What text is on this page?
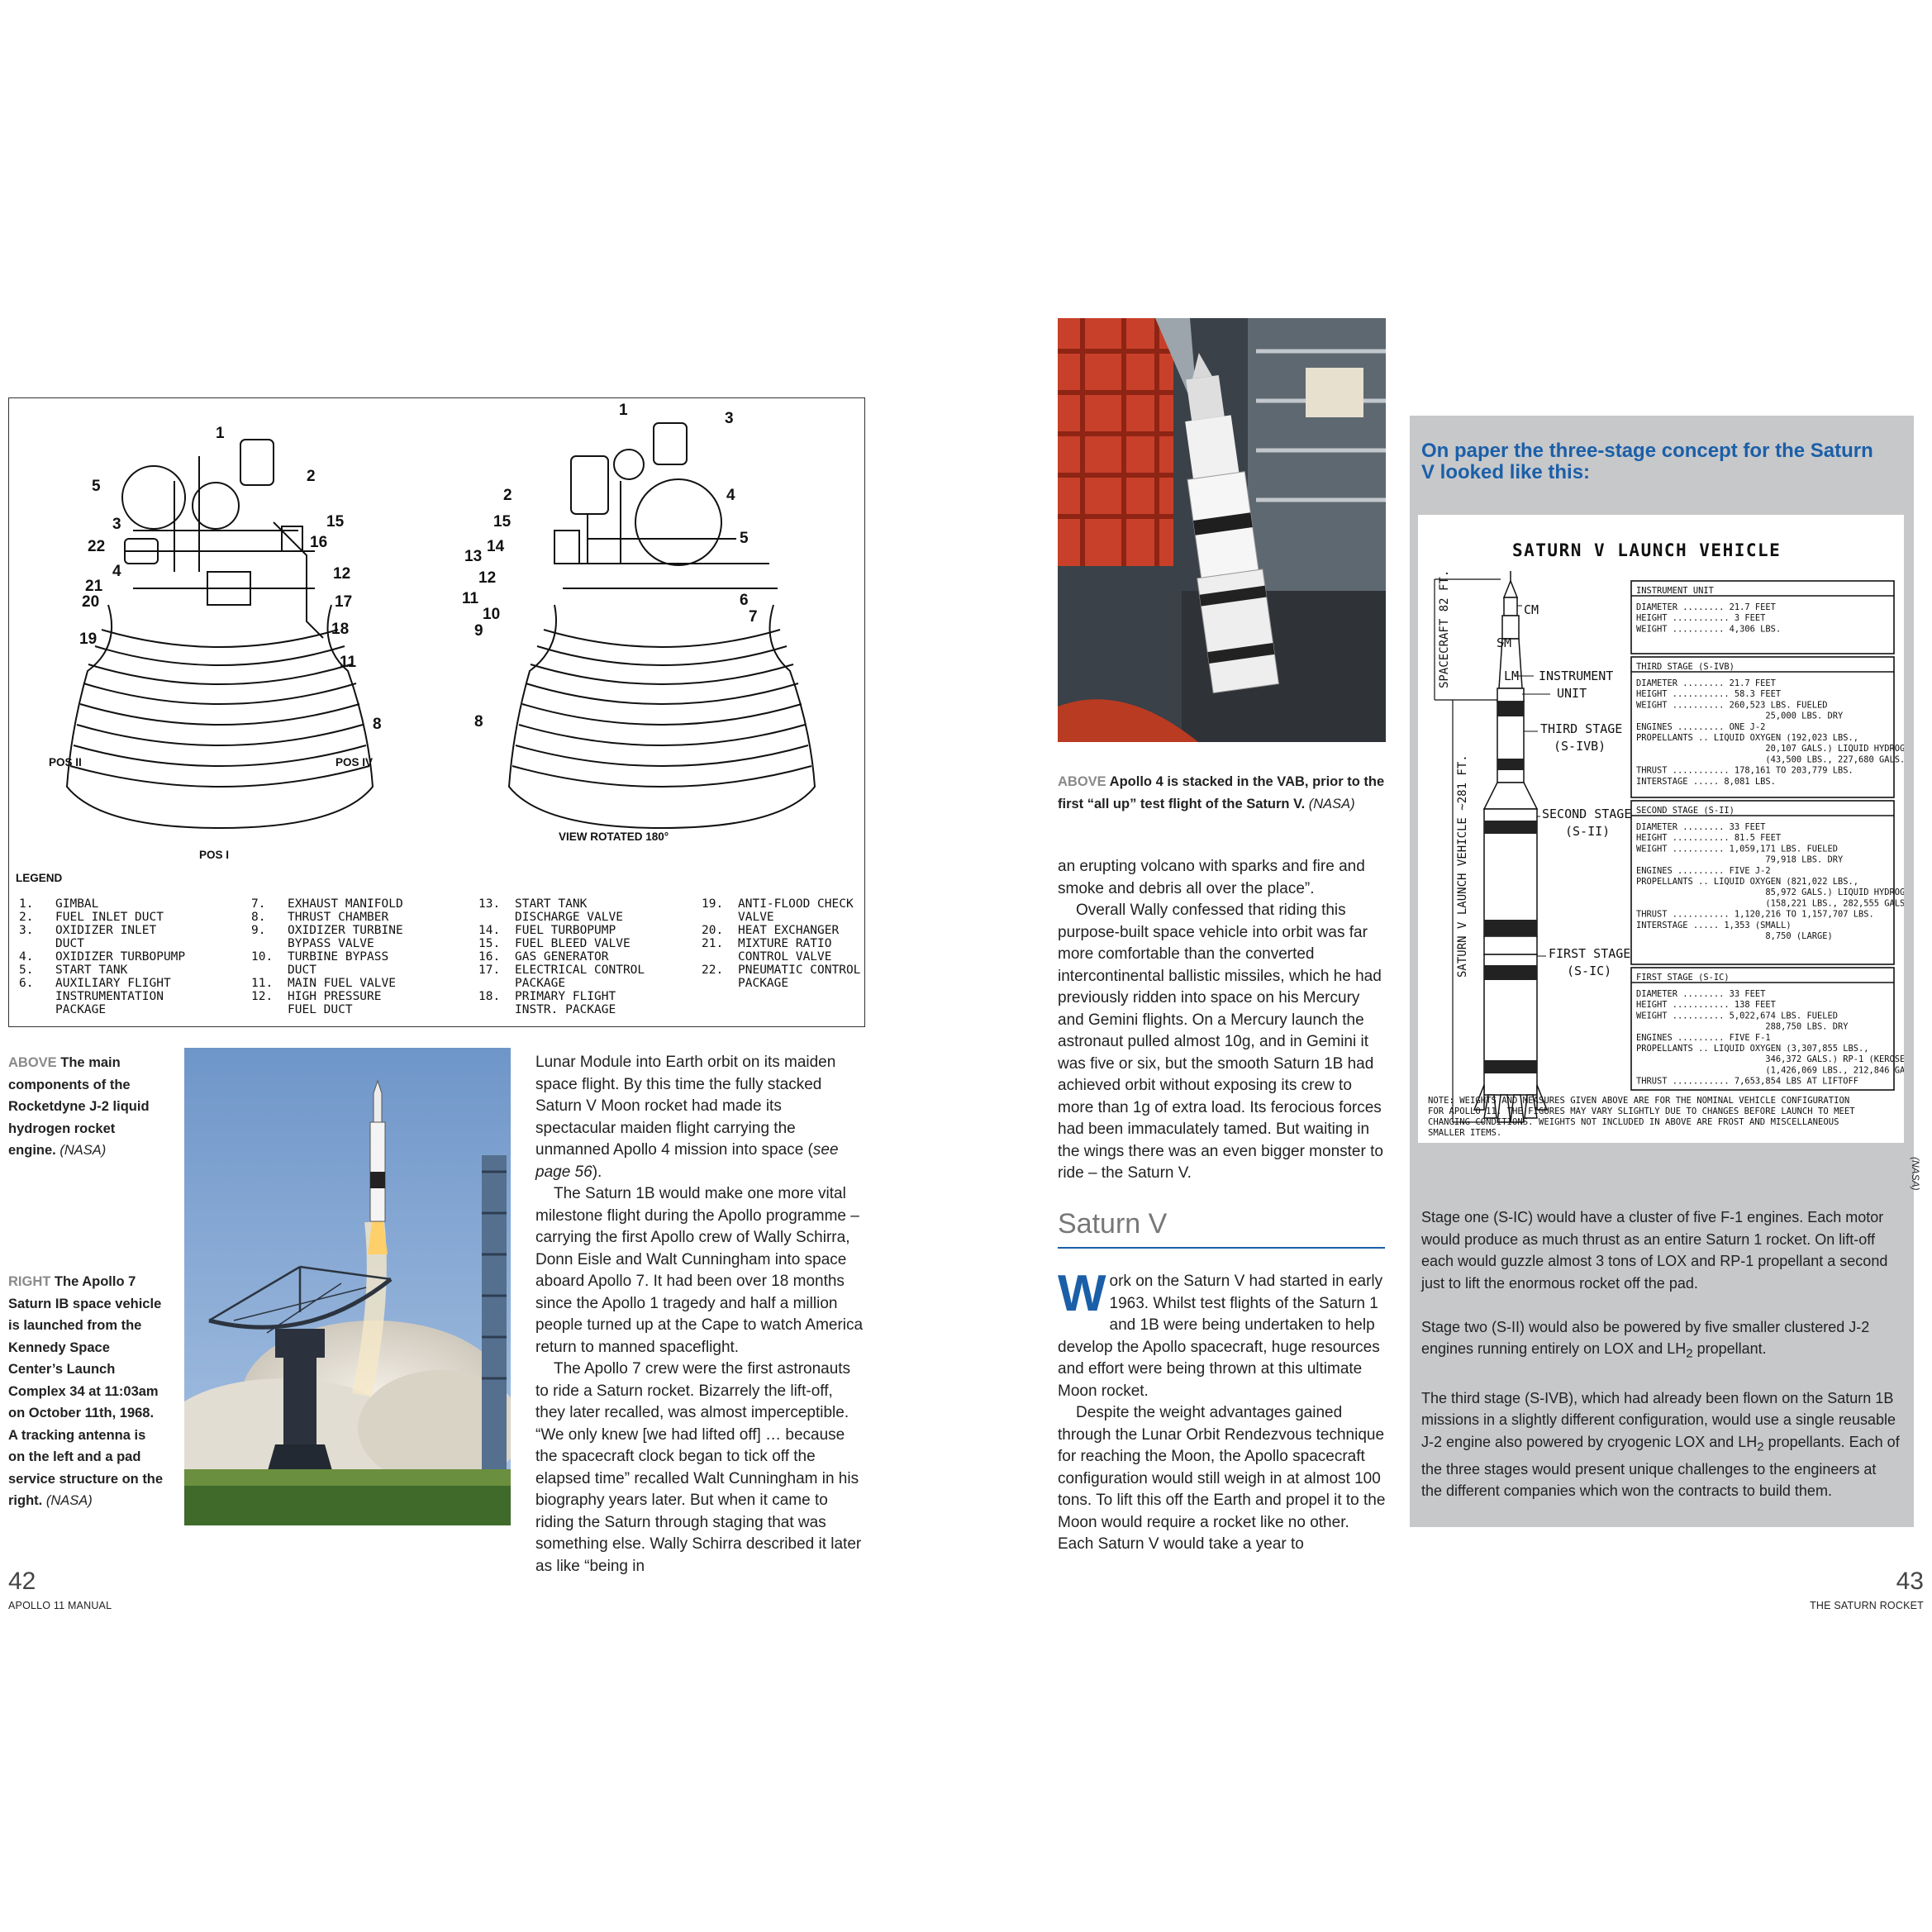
1
2
3
4
5
8
11
12
15
16
17
18
19
20
21
22
1
2
3
4
5
6
7
8
9
10
11
12
13
14
15
POS II	POS IV
POS I
VIEW ROTATED 180°
LEGEND
1.	GIMBAL
2.	FUEL INLET DUCT
3.	OXIDIZER INLET
DUCT
4.	OXIDIZER TURBOPUMP
5.	START TANK
6.	AUXILIARY FLIGHT
INSTRUMENTATION
PACKAGE
7.	EXHAUST MANIFOLD
8.	THRUST CHAMBER
9.	OXIDIZER TURBINE
BYPASS VALVE
10.	TURBINE BYPASS
DUCT
11.	MAIN FUEL VALVE
12.	HIGH PRESSURE
FUEL DUCT
13.	START TANK
DISCHARGE VALVE
14.	FUEL TURBOPUMP
15.	FUEL BLEED VALVE
16.	GAS GENERATOR
17.	ELECTRICAL CONTROL
PACKAGE
18.	PRIMARY FLIGHT
INSTR. PACKAGE
19.	ANTI-FLOOD CHECK
VALVE
20.	HEAT EXCHANGER
21.	MIXTURE RATIO
CONTROL VALVE
22.	PNEUMATIC CONTROL
PACKAGE
ABOVE The main components of the Rocketdyne J-2 liquid hydrogen rocket engine. (NASA)
RIGHT The Apollo 7 Saturn IB space vehicle is launched from the Kennedy Space Center’s Launch Complex 34 at 11:03am on October 11th, 1968. A tracking antenna is on the left and a pad service structure on the right. (NASA)

Lunar Module into Earth orbit on its maiden space flight. By this time the fully stacked Saturn V Moon rocket had made its spectacular maiden flight carrying the unmanned Apollo 4 mission into space (see page 56).

The Saturn 1B would make one more vital milestone flight during the Apollo programme – carrying the first Apollo crew of Wally Schirra, Donn Eisle and Walt Cunningham into space aboard Apollo 7. It had been over 18 months since the Apollo 1 tragedy and half a million people turned up at the Cape to watch America return to manned spaceflight.

The Apollo 7 crew were the first astronauts to ride a Saturn rocket. Bizarrely the lift-off, they later recalled, was almost imperceptible. “We only knew [we had lifted off] … because the spacecraft clock began to tick off the elapsed time” recalled Walt Cunningham in his biography years later. But when it came to riding the Saturn through staging that was something else. Wally Schirra described it later as like “being in

42
APOLLO 11 MANUAL
ABOVE Apollo 4 is stacked in the VAB, prior to the first “all up” test flight of the Saturn V. (NASA)

an erupting volcano with sparks and fire and smoke and debris all over the place”.

Overall Wally confessed that riding this purpose-built space vehicle into orbit was far more comfortable than the converted intercontinental ballistic missiles, which he had previously ridden into space on his Mercury and Gemini flights. On a Mercury launch the astronaut pulled almost 10g, and in Gemini it was five or six, but the smooth Saturn 1B had achieved orbit without exposing its crew to more than 1g of extra load. Its ferocious forces had been immaculately tamed. But waiting in the wings there was an even bigger monster to ride – the Saturn V.

Saturn V

Work on the Saturn V had started in early 1963. Whilst test flights of the Saturn 1 and 1B were being undertaken to help develop the Apollo spacecraft, huge resources and effort were being thrown at this ultimate Moon rocket.

Despite the weight advantages gained through the Lunar Orbit Rendezvous technique for reaching the Moon, the Apollo spacecraft configuration would still weigh in at almost 100 tons. To lift this off the Earth and propel it to the Moon would require a rocket like no other. Each Saturn V would take a year to

On paper the three-stage concept for the Saturn V looked like this:
SATURN V LAUNCH VEHICLE
SPACECRAFT 82 FT.
SATURN V LAUNCH VEHICLE ~281 FT.
CM
SM
LM INSTRUMENT
UNIT
THIRD STAGE
(S-IVB)
SECOND STAGE
(S-II)
FIRST STAGE
(S-IC)
INSTRUMENT UNIT
DIAMETER ........ 21.7 FEET
HEIGHT ........... 3 FEET
WEIGHT .......... 4,306 LBS.
THIRD STAGE (S-IVB)
DIAMETER ........ 21.7 FEET
HEIGHT ........... 58.3 FEET
WEIGHT .......... 260,523 LBS. FUELED
25,000 LBS. DRY
ENGINES ......... ONE J-2
PROPELLANTS .. LIQUID OXYGEN (192,023 LBS.,
20,107 GALS.) LIQUID HYDROGEN
(43,500 LBS., 227,680 GALS.)
THRUST ........... 178,161 TO 203,779 LBS.
INTERSTAGE ..... 8,081 LBS.
SECOND STAGE (S-II)
DIAMETER ........ 33 FEET
HEIGHT ........... 81.5 FEET
WEIGHT .......... 1,059,171 LBS. FUELED
79,918 LBS. DRY
ENGINES ......... FIVE J-2
PROPELLANTS .. LIQUID OXYGEN (821,022 LBS.,
85,972 GALS.) LIQUID HYDROGEN
(158,221 LBS., 282,555 GALS.)
THRUST ........... 1,120,216 TO 1,157,707 LBS.
INTERSTAGE ..... 1,353 (SMALL)
8,750 (LARGE)
FIRST STAGE (S-IC)
DIAMETER ........ 33 FEET
HEIGHT ........... 138 FEET
WEIGHT .......... 5,022,674 LBS. FUELED
288,750 LBS. DRY
ENGINES ......... FIVE F-1
PROPELLANTS .. LIQUID OXYGEN (3,307,855 LBS.,
346,372 GALS.) RP-1 (KEROSENE)
(1,426,069 LBS., 212,846 GALS.)
THRUST ........... 7,653,854 LBS AT LIFTOFF
NOTE: WEIGHTS AND MEASURES GIVEN ABOVE ARE FOR THE NOMINAL VEHICLE CONFIGURATION
FOR APOLLO 11. THE FIGURES MAY VARY SLIGHTLY DUE TO CHANGES BEFORE LAUNCH TO MEET
CHANGING CONDITIONS. WEIGHTS NOT INCLUDED IN ABOVE ARE FROST AND MISCELLANEOUS
SMALLER ITEMS.
(NASA)

Stage one (S-IC) would have a cluster of five F-1 engines. Each motor would produce as much thrust as an entire Saturn 1 rocket. On lift-off each would guzzle almost 3 tons of LOX and RP-1 propellant a second just to lift the enormous rocket off the pad.

Stage two (S-II) would also be powered by five smaller clustered J-2 engines running entirely on LOX and $LH_2$ propellant.

The third stage (S-IVB), which had already been flown on the Saturn 1B missions in a slightly different configuration, would use a single reusable J-2 engine also powered by cryogenic LOX and $LH_2$ propellants. Each of the three stages would present unique challenges to the engineers at the different companies which won the contracts to build them.

43
THE SATURN ROCKET
